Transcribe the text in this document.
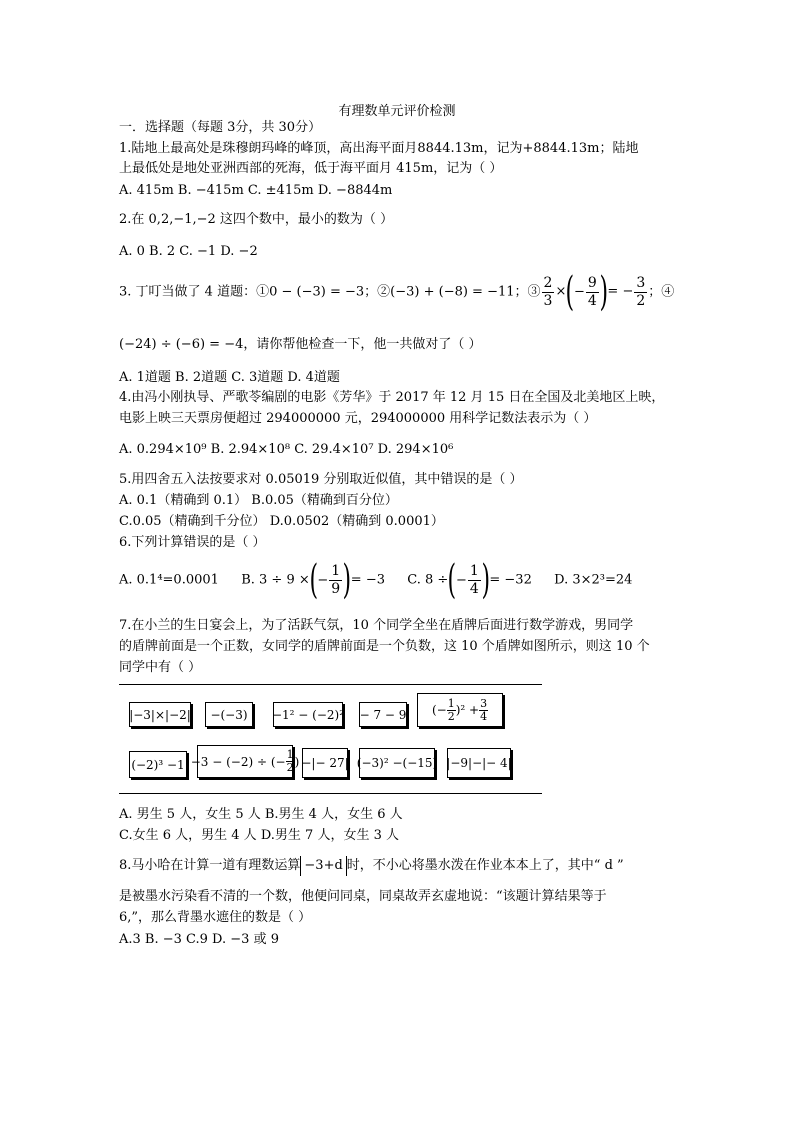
有理数单元评价检测
一．选择题（每题 3分，共 30分）
1.陆地上最高处是珠穆朗玛峰的峰顶，高出海平面月8844.13m，记为+8844.13m；陆地
上最低处是地处亚洲西部的死海，低于海平面月 415m，记为（ ）
A. 415m B. −415m C. ±415m D. −8844m
2.在 0,2,−1,−2 这四个数中，最小的数为（ ）
A. 0 B. 2 C. −1 D. −2
3. 丁叮当做了 4 道题：①0 − (−3) = −3；②(−3) + (−8) = −11；③ $\frac{2}{3}$ ×(− $\frac{9}{4}$ )= − $\frac{3}{2}$ ；④
(−24) ÷ (−6) = −4，请你帮他检查一下，他一共做对了（ ）
A. 1道题 B. 2道题 C. 3道题 D. 4道题
4.由冯小刚执导、严歌苓编剧的电影《芳华》于 2017 年 12 月 15 日在全国及北美地区上映，
电影上映三天票房便超过 294000000 元，294000000 用科学记数法表示为（ ）
A. 0.294×10⁹ B. 2.94×10⁸ C. 29.4×10⁷ D. 294×10⁶
5.用四舍五入法按要求对 0.05019 分别取近似值，其中错误的是（ ）
A. 0.1（精确到 0.1） B.0.05（精确到百分位）
C.0.05（精确到千分位） D.0.0502（精确到 0.0001）
6.下列计算错误的是（ ）
A. 0.1⁴=0.0001 B. 3 ÷ 9 ×(− $\frac{1}{9}$ )= −3 C. 8 ÷(− $\frac{1}{4}$ )= −32 D. 3×2³=24
7.在小兰的生日宴会上，为了活跃气氛，10 个同学全坐在盾牌后面进行数学游戏，男同学
的盾牌前面是一个正数，女同学的盾牌前面是一个负数，这 10 个盾牌如图所示，则这 10 个
同学中有（ ）
|−3|×|−2|	−(−3)	−1² − (−2)² − 7 − 9 (− $\frac{1}{2} )^2 + \frac{3}{4}$
(−2)³ −1 −3 − (−2) ÷ (− $\frac{1}{2}$ ) −|− 27| (−3)² −(−15) |−9|−|− 4|
A. 男生 5 人，女生 5 人 B.男生 4 人，女生 6 人
C.女生 6 人，男生 4 人 D.男生 7 人，女生 3 人
8.马小哈在计算一道有理数运算 −3+d 时，不小心将墨水泼在作业本本上了，其中“ d ”
是被墨水污染看不清的一个数，他便问同桌，同桌故弄玄虚地说：“该题计算结果等于
6,”，那么背墨水遮住的数是（ ）
A.3 B. −3 C.9 D. −3 或 9
